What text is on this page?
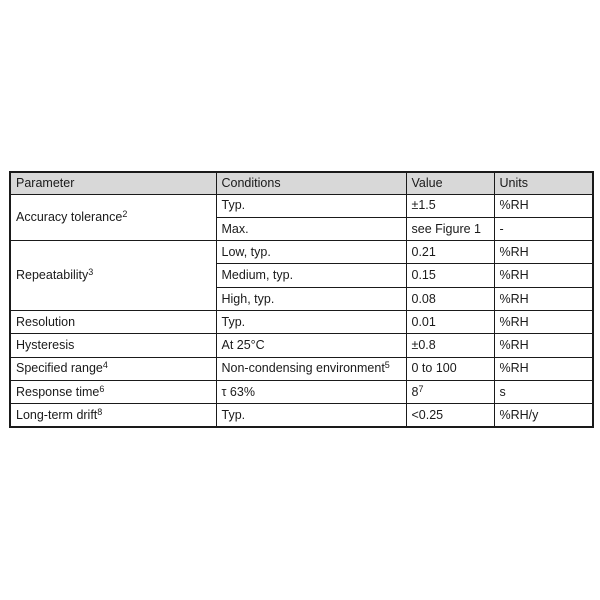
Parameter	Conditions	Value	Units
Accuracy tolerance$^2$	Typ.	±1.5	%RH
	Max.	see Figure 1	-
Repeatability$^3$	Low, typ.	0.21	%RH
	Medium, typ.	0.15	%RH
	High, typ.	0.08	%RH
Resolution	Typ.	0.01	%RH
Hysteresis	At 25°C	±0.8	%RH
Specified range$^4$	Non-condensing environment$^5$	0 to 100	%RH
Response time$^6$	τ 63%	8$^7$	s
Long-term drift$^8$	Typ.	<0.25	%RH/y
